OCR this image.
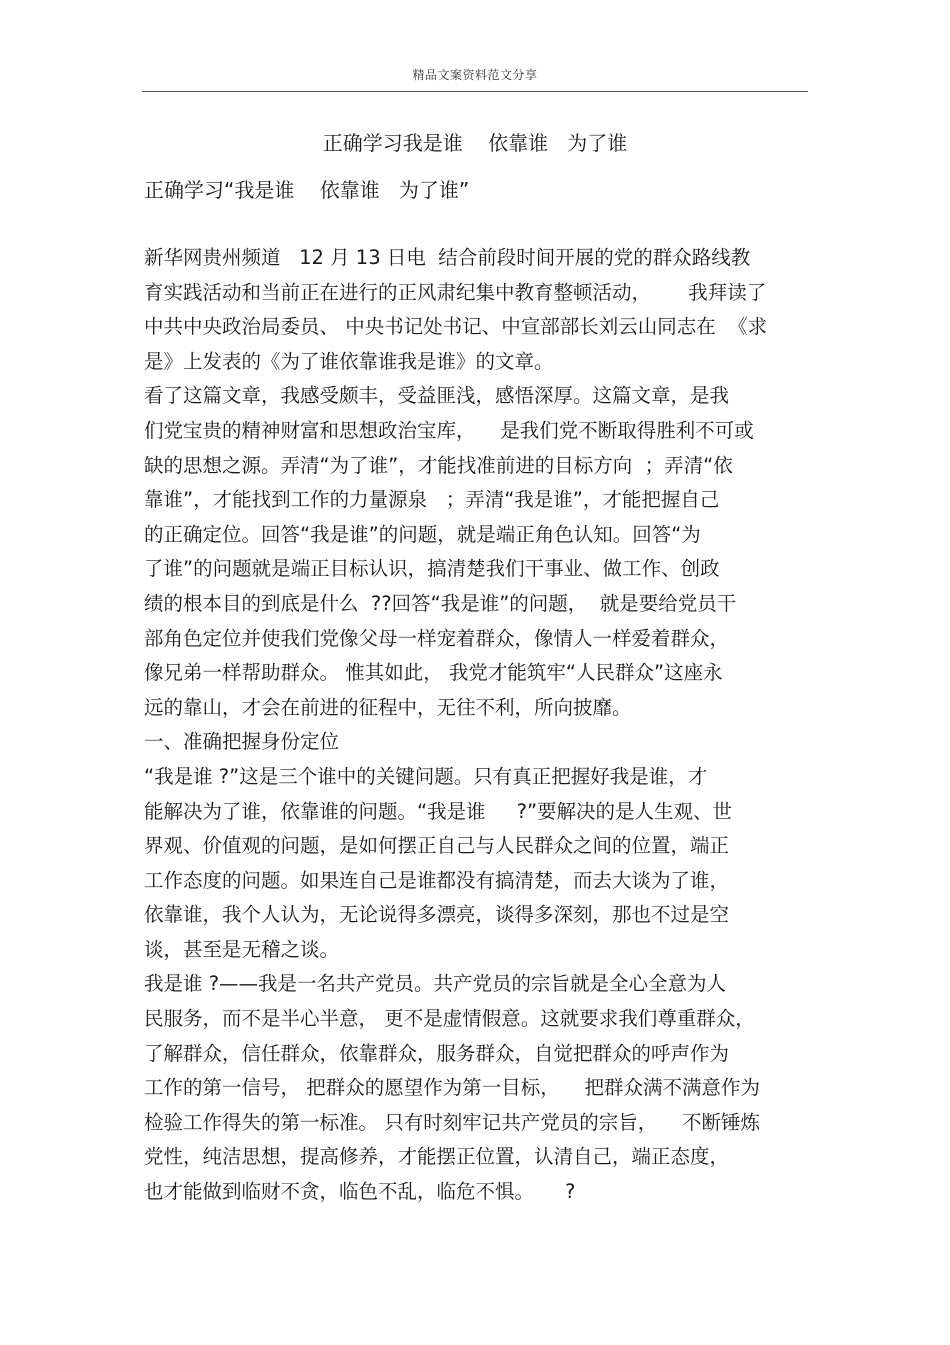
精品文案资料范文分享
正确学习我是谁    依靠谁   为了谁
正确学习“我是谁    依靠谁   为了谁”
新华网贵州频道   12 月 13 日电  结合前段时间开展的党的群众路线教
育实践活动和当前正在进行的正风肃纪集中教育整顿活动，      我拜读了
中共中央政治局委员、 中央书记处书记、中宣部部长刘云山同志在  《求
是》上发表的《为了谁依靠谁我是谁》的文章。
看了这篇文章，我感受颇丰，受益匪浅，感悟深厚。这篇文章，是我
们党宝贵的精神财富和思想政治宝库，    是我们党不断取得胜利不可或
缺的思想之源。弄清“为了谁”，才能找准前进的目标方向  ；弄清“依
靠谁”，才能找到工作的力量源泉   ；弄清“我是谁”，才能把握自己
的正确定位。回答“我是谁”的问题，就是端正角色认知。回答“为
了谁”的问题就是端正目标认识，搞清楚我们干事业、做工作、创政
绩的根本目的到底是什么  ??回答“我是谁”的问题，  就是要给党员干
部角色定位并使我们党像父母一样宠着群众，像情人一样爱着群众，
像兄弟一样帮助群众。 惟其如此， 我党才能筑牢“人民群众”这座永
远的靠山，才会在前进的征程中，无往不利，所向披靡。
一、准确把握身份定位
“我是谁 ?”这是三个谁中的关键问题。只有真正把握好我是谁，才
能解决为了谁，依靠谁的问题。“我是谁     ?”要解决的是人生观、世
界观、价值观的问题，是如何摆正自己与人民群众之间的位置，端正
工作态度的问题。如果连自己是谁都没有搞清楚，而去大谈为了谁，
依靠谁，我个人认为，无论说得多漂亮，谈得多深刻，那也不过是空
谈，甚至是无稽之谈。
我是谁 ?——我是一名共产党员。共产党员的宗旨就是全心全意为人
民服务，而不是半心半意， 更不是虚情假意。这就要求我们尊重群众，
了解群众，信任群众，依靠群众，服务群众，自觉把群众的呼声作为
工作的第一信号， 把群众的愿望作为第一目标，    把群众满不满意作为
检验工作得失的第一标准。 只有时刻牢记共产党员的宗旨，    不断锤炼
党性，纯洁思想，提高修养，才能摆正位置，认清自己，端正态度，
也才能做到临财不贪，临色不乱，临危不惧。     ?
